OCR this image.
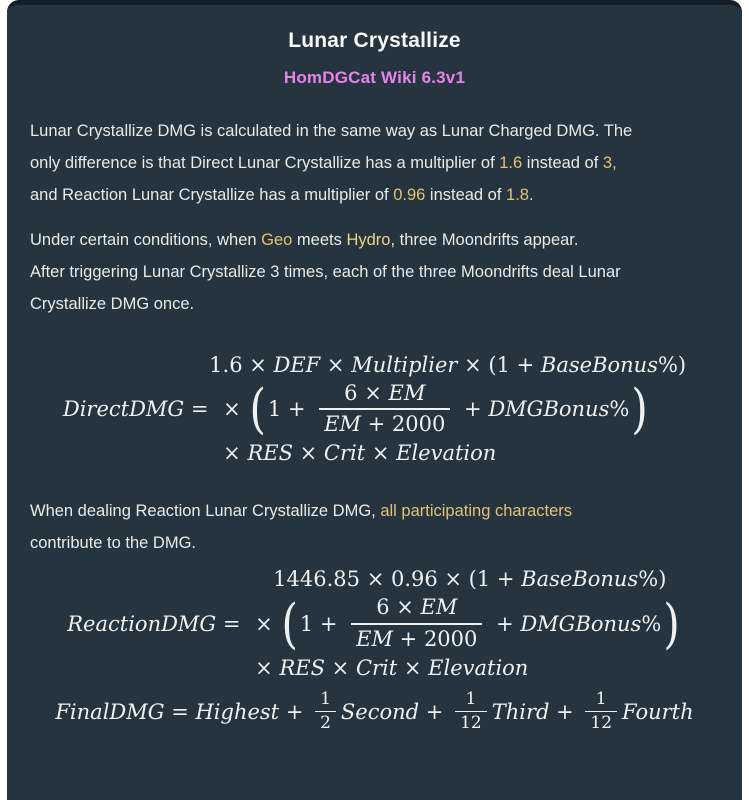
Lunar Crystallize
HomDGCat Wiki 6.3v1

Lunar Crystallize DMG is calculated in the same way as Lunar Charged DMG. The
only difference is that Direct Lunar Crystallize has a multiplier of 1.6 instead of 3,
and Reaction Lunar Crystallize has a multiplier of 0.96 instead of 1.8.

Under certain conditions, when Geo meets Hydro, three Moondrifts appear.
After triggering Lunar Crystallize 3 times, each of the three Moondrifts deal Lunar
Crystallize DMG once.

DirectDMG =
1.6 × DEF × Multiplier × (1 + BaseBonus %)
× ( $1 + \frac{6 \times EM}{EM + 2000}$ + DMGBonus% )
× RES × Crit × Elevation

When dealing Reaction Lunar Crystallize DMG, all participating characters
contribute to the DMG.

ReactionDMG =
1446.85 × 0.96 × (1 + BaseBonus %)
× ( $1 + \frac{6 \times EM}{EM + 2000}$ + DMGBonus% )
× RES × Crit × Elevation
FinalDMG = Highest + $\frac{1}{2}$ Second + $\frac{1}{12}$ Third + $\frac{1}{12}$ Fourth
